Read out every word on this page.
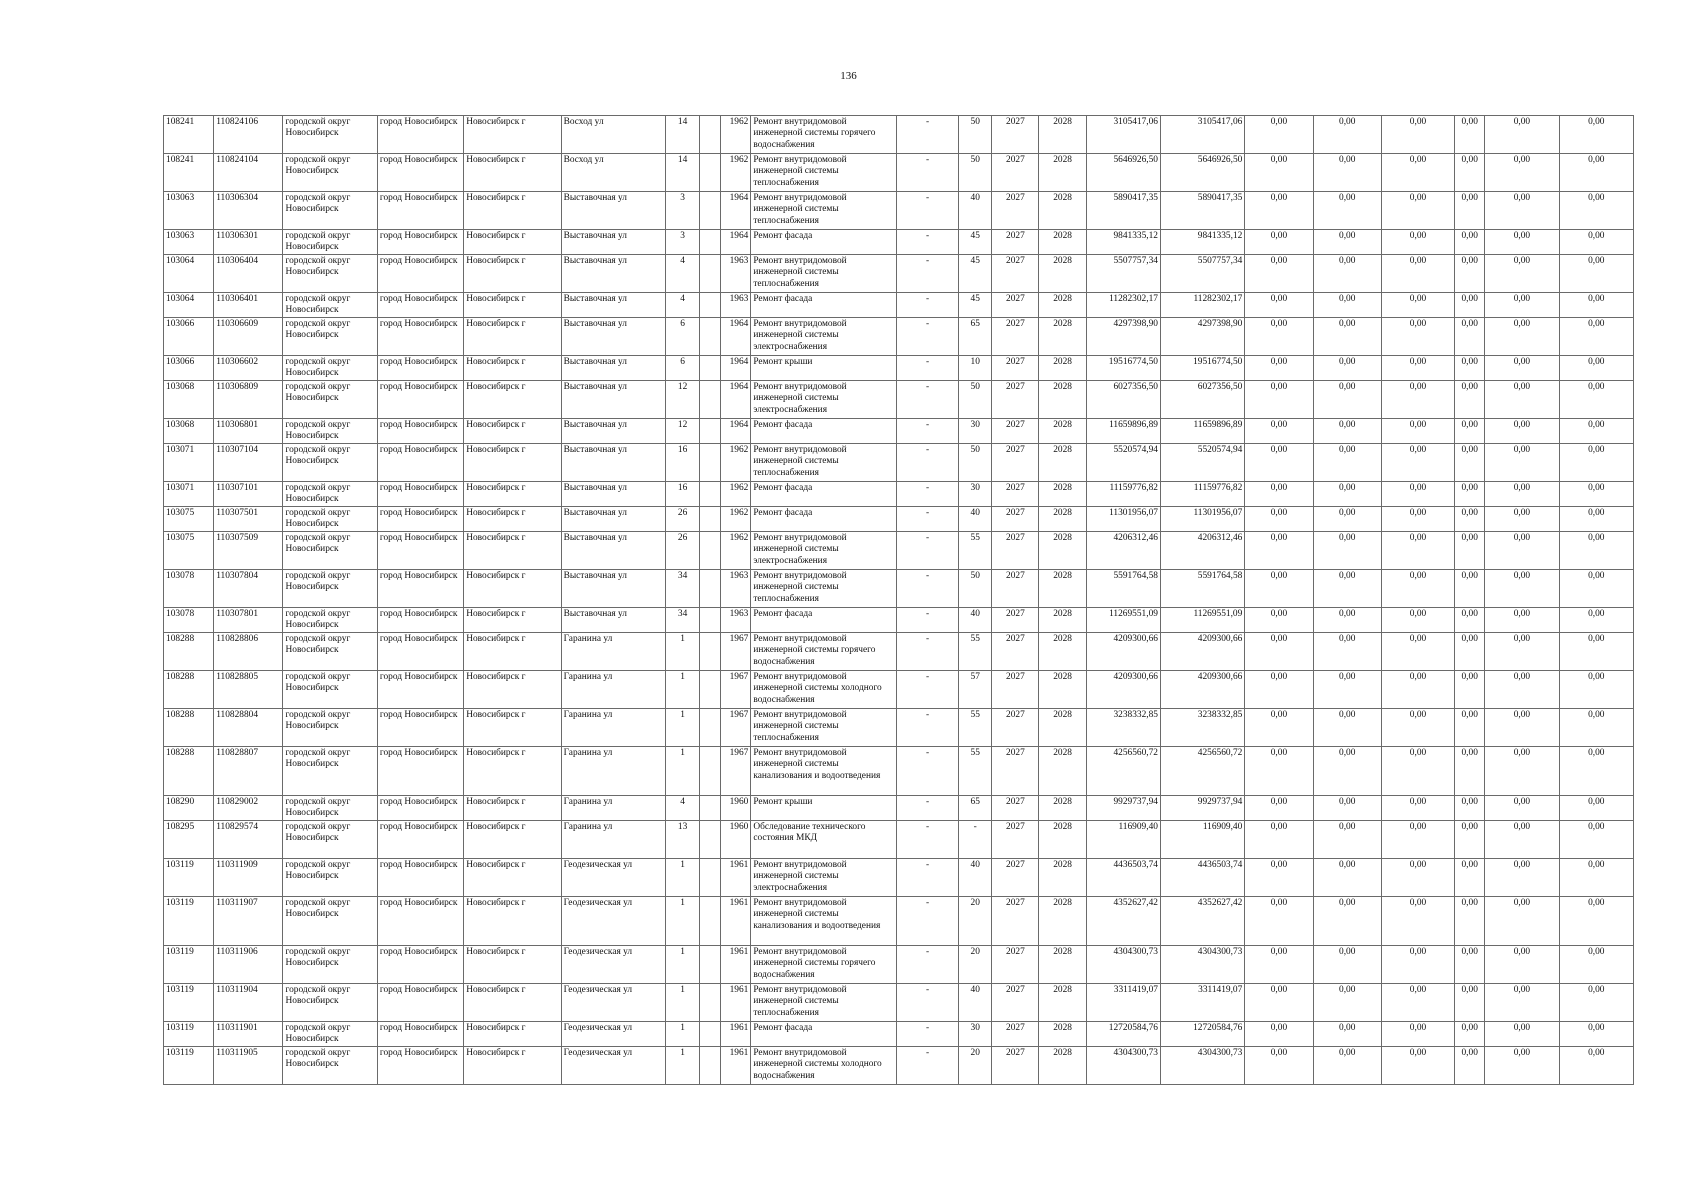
136
108241	110824106	городской округ Новосибирск	город Новосибирск	Новосибирск г	Восход ул	14		1962	Ремонт внутридомовой инженерной системы горячего водоснабжения	-	50	2027	2028	3105417,06	3105417,06	0,00	0,00	0,00	0,00	0,00	0,00
108241	110824104	городской округ Новосибирск	город Новосибирск	Новосибирск г	Восход ул	14		1962	Ремонт внутридомовой инженерной системы теплоснабжения	-	50	2027	2028	5646926,50	5646926,50	0,00	0,00	0,00	0,00	0,00	0,00
103063	110306304	городской округ Новосибирск	город Новосибирск	Новосибирск г	Выставочная ул	3		1964	Ремонт внутридомовой инженерной системы теплоснабжения	-	40	2027	2028	5890417,35	5890417,35	0,00	0,00	0,00	0,00	0,00	0,00
103063	110306301	городской округ Новосибирск	город Новосибирск	Новосибирск г	Выставочная ул	3		1964	Ремонт фасада	-	45	2027	2028	9841335,12	9841335,12	0,00	0,00	0,00	0,00	0,00	0,00
103064	110306404	городской округ Новосибирск	город Новосибирск	Новосибирск г	Выставочная ул	4		1963	Ремонт внутридомовой инженерной системы теплоснабжения	-	45	2027	2028	5507757,34	5507757,34	0,00	0,00	0,00	0,00	0,00	0,00
103064	110306401	городской округ Новосибирск	город Новосибирск	Новосибирск г	Выставочная ул	4		1963	Ремонт фасада	-	45	2027	2028	11282302,17	11282302,17	0,00	0,00	0,00	0,00	0,00	0,00
103066	110306609	городской округ Новосибирск	город Новосибирск	Новосибирск г	Выставочная ул	6		1964	Ремонт внутридомовой инженерной системы электроснабжения	-	65	2027	2028	4297398,90	4297398,90	0,00	0,00	0,00	0,00	0,00	0,00
103066	110306602	городской округ Новосибирск	город Новосибирск	Новосибирск г	Выставочная ул	6		1964	Ремонт крыши	-	10	2027	2028	19516774,50	19516774,50	0,00	0,00	0,00	0,00	0,00	0,00
103068	110306809	городской округ Новосибирск	город Новосибирск	Новосибирск г	Выставочная ул	12		1964	Ремонт внутридомовой инженерной системы электроснабжения	-	50	2027	2028	6027356,50	6027356,50	0,00	0,00	0,00	0,00	0,00	0,00
103068	110306801	городской округ Новосибирск	город Новосибирск	Новосибирск г	Выставочная ул	12		1964	Ремонт фасада	-	30	2027	2028	11659896,89	11659896,89	0,00	0,00	0,00	0,00	0,00	0,00
103071	110307104	городской округ Новосибирск	город Новосибирск	Новосибирск г	Выставочная ул	16		1962	Ремонт внутридомовой инженерной системы теплоснабжения	-	50	2027	2028	5520574,94	5520574,94	0,00	0,00	0,00	0,00	0,00	0,00
103071	110307101	городской округ Новосибирск	город Новосибирск	Новосибирск г	Выставочная ул	16		1962	Ремонт фасада	-	30	2027	2028	11159776,82	11159776,82	0,00	0,00	0,00	0,00	0,00	0,00
103075	110307501	городской округ Новосибирск	город Новосибирск	Новосибирск г	Выставочная ул	26		1962	Ремонт фасада	-	40	2027	2028	11301956,07	11301956,07	0,00	0,00	0,00	0,00	0,00	0,00
103075	110307509	городской округ Новосибирск	город Новосибирск	Новосибирск г	Выставочная ул	26		1962	Ремонт внутридомовой инженерной системы электроснабжения	-	55	2027	2028	4206312,46	4206312,46	0,00	0,00	0,00	0,00	0,00	0,00
103078	110307804	городской округ Новосибирск	город Новосибирск	Новосибирск г	Выставочная ул	34		1963	Ремонт внутридомовой инженерной системы теплоснабжения	-	50	2027	2028	5591764,58	5591764,58	0,00	0,00	0,00	0,00	0,00	0,00
103078	110307801	городской округ Новосибирск	город Новосибирск	Новосибирск г	Выставочная ул	34		1963	Ремонт фасада	-	40	2027	2028	11269551,09	11269551,09	0,00	0,00	0,00	0,00	0,00	0,00
108288	110828806	городской округ Новосибирск	город Новосибирск	Новосибирск г	Гаранина ул	1		1967	Ремонт внутридомовой инженерной системы горячего водоснабжения	-	55	2027	2028	4209300,66	4209300,66	0,00	0,00	0,00	0,00	0,00	0,00
108288	110828805	городской округ Новосибирск	город Новосибирск	Новосибирск г	Гаранина ул	1		1967	Ремонт внутридомовой инженерной системы холодного водоснабжения	-	57	2027	2028	4209300,66	4209300,66	0,00	0,00	0,00	0,00	0,00	0,00
108288	110828804	городской округ Новосибирск	город Новосибирск	Новосибирск г	Гаранина ул	1		1967	Ремонт внутридомовой инженерной системы теплоснабжения	-	55	2027	2028	3238332,85	3238332,85	0,00	0,00	0,00	0,00	0,00	0,00
108288	110828807	городской округ Новосибирск	город Новосибирск	Новосибирск г	Гаранина ул	1		1967	Ремонт внутридомовой инженерной системы канализования и водоотведения	-	55	2027	2028	4256560,72	4256560,72	0,00	0,00	0,00	0,00	0,00	0,00
108290	110829002	городской округ Новосибирск	город Новосибирск	Новосибирск г	Гаранина ул	4		1960	Ремонт крыши	-	65	2027	2028	9929737,94	9929737,94	0,00	0,00	0,00	0,00	0,00	0,00
108295	110829574	городской округ Новосибирск	город Новосибирск	Новосибирск г	Гаранина ул	13		1960	Обследование технического состояния МКД	-	-	2027	2028	116909,40	116909,40	0,00	0,00	0,00	0,00	0,00	0,00
103119	110311909	городской округ Новосибирск	город Новосибирск	Новосибирск г	Геодезическая ул	1		1961	Ремонт внутридомовой инженерной системы электроснабжения	-	40	2027	2028	4436503,74	4436503,74	0,00	0,00	0,00	0,00	0,00	0,00
103119	110311907	городской округ Новосибирск	город Новосибирск	Новосибирск г	Геодезическая ул	1		1961	Ремонт внутридомовой инженерной системы канализования и водоотведения	-	20	2027	2028	4352627,42	4352627,42	0,00	0,00	0,00	0,00	0,00	0,00
103119	110311906	городской округ Новосибирск	город Новосибирск	Новосибирск г	Геодезическая ул	1		1961	Ремонт внутридомовой инженерной системы горячего водоснабжения	-	20	2027	2028	4304300,73	4304300,73	0,00	0,00	0,00	0,00	0,00	0,00
103119	110311904	городской округ Новосибирск	город Новосибирск	Новосибирск г	Геодезическая ул	1		1961	Ремонт внутридомовой инженерной системы теплоснабжения	-	40	2027	2028	3311419,07	3311419,07	0,00	0,00	0,00	0,00	0,00	0,00
103119	110311901	городской округ Новосибирск	город Новосибирск	Новосибирск г	Геодезическая ул	1		1961	Ремонт фасада	-	30	2027	2028	12720584,76	12720584,76	0,00	0,00	0,00	0,00	0,00	0,00
103119	110311905	городской округ Новосибирск	город Новосибирск	Новосибирск г	Геодезическая ул	1		1961	Ремонт внутридомовой инженерной системы холодного водоснабжения	-	20	2027	2028	4304300,73	4304300,73	0,00	0,00	0,00	0,00	0,00	0,00
